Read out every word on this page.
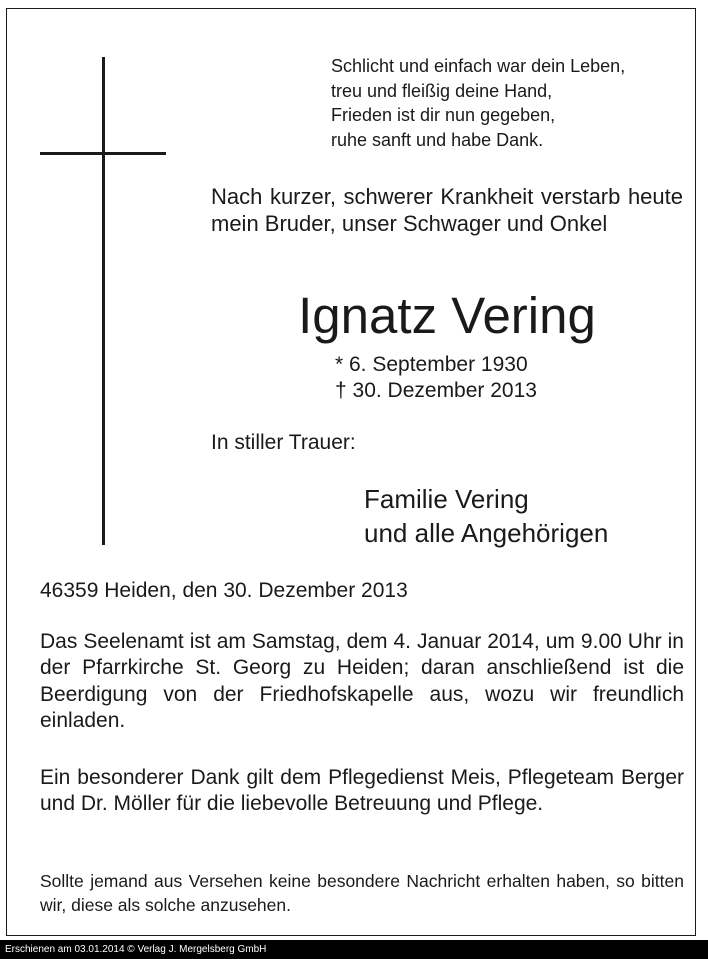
Schlicht und einfach war dein Leben,
treu und fleißig deine Hand,
Frieden ist dir nun gegeben,
ruhe sanft und habe Dank.
Nach kurzer, schwerer Krankheit verstarb heute mein Bruder, unser Schwager und Onkel
Ignatz Vering
* 6. September 1930
† 30. Dezember 2013
In stiller Trauer:
Familie Vering
und alle Angehörigen
46359 Heiden, den 30. Dezember 2013
Das Seelenamt ist am Samstag, dem 4. Januar 2014, um 9.00 Uhr in der Pfarrkirche St. Georg zu Heiden; daran anschließend ist die Beerdigung von der Friedhofskapelle aus, wozu wir freundlich einladen.
Ein besonderer Dank gilt dem Pflegedienst Meis, Pflegeteam Berger und Dr. Möller für die liebevolle Betreuung und Pflege.
Sollte jemand aus Versehen keine besondere Nachricht erhalten haben, so bitten wir, diese als solche anzusehen.
Erschienen am 03.01.2014 © Verlag J. Mergelsberg GmbH
